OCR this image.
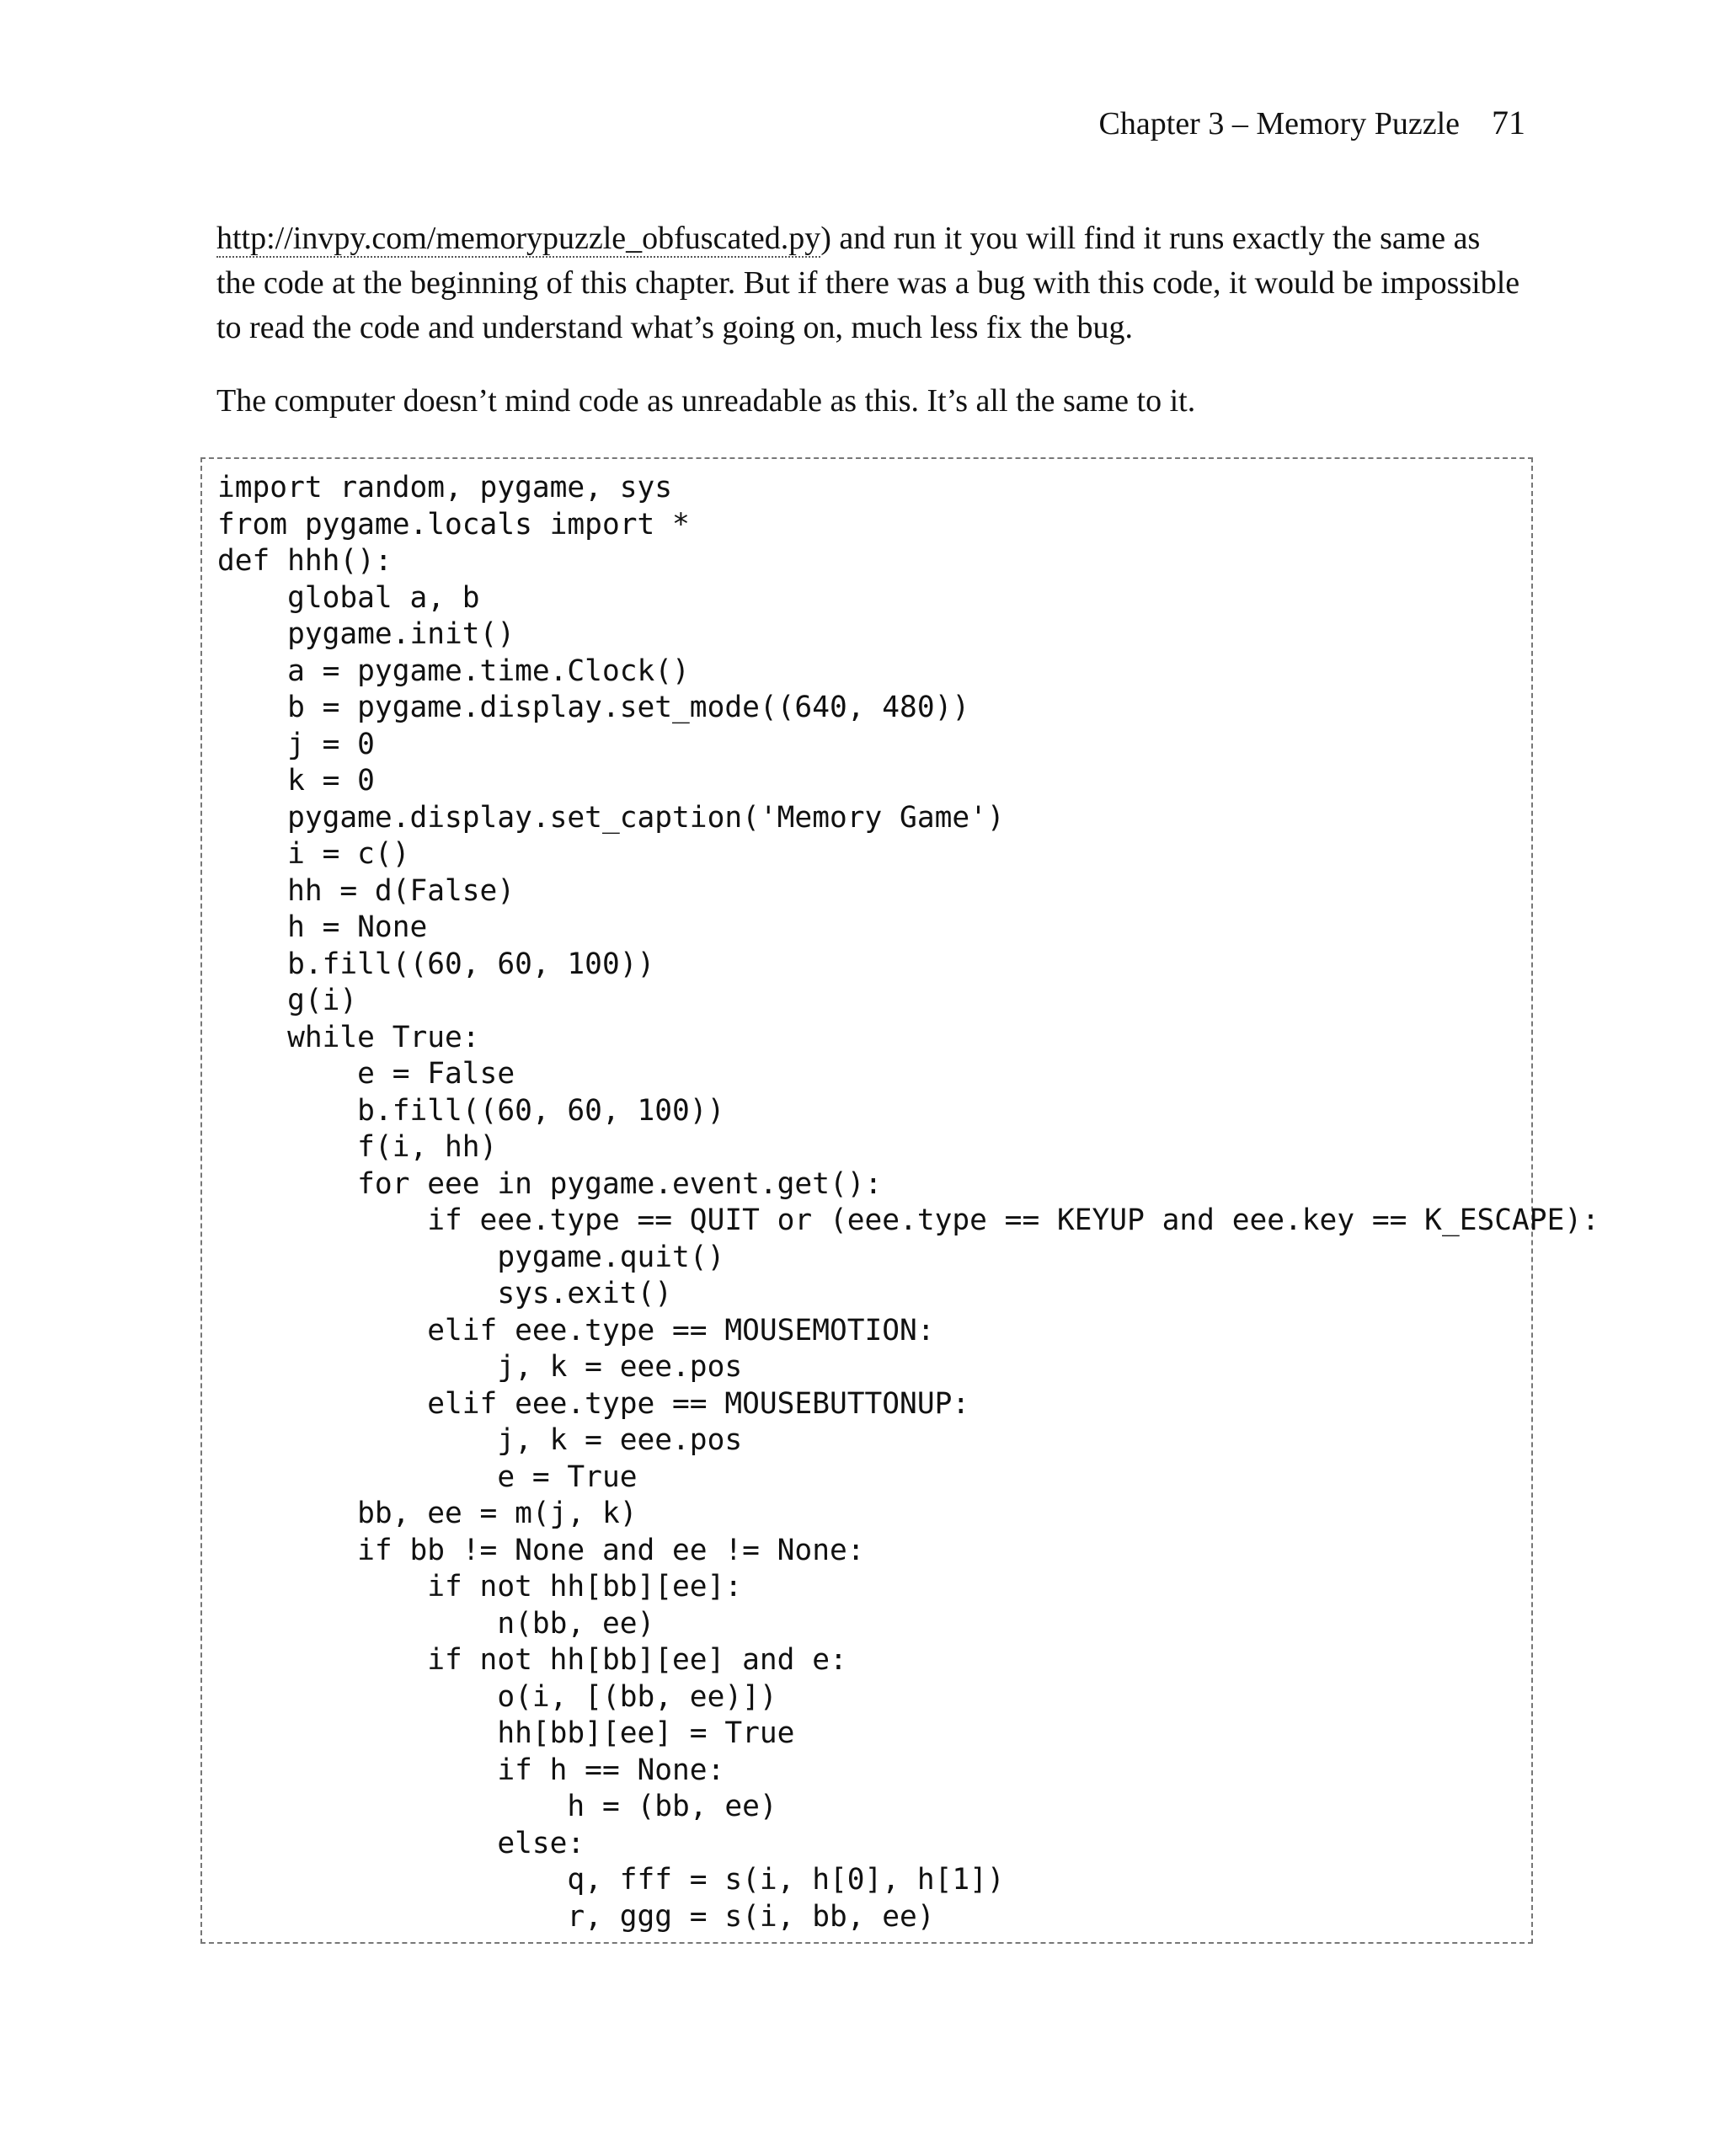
Chapter 3 – Memory Puzzle 71

http://invpy.com/memorypuzzle_obfuscated.py) and run it you will find it runs exactly the same as the code at the beginning of this chapter. But if there was a bug with this code, it would be impossible to read the code and understand what’s going on, much less fix the bug.

The computer doesn’t mind code as unreadable as this. It’s all the same to it.

import random, pygame, sys
from pygame.locals import *
def hhh():
global a, b
pygame.init()
a = pygame.time.Clock()
b = pygame.display.set_mode((640, 480))
j = 0
k = 0
pygame.display.set_caption('Memory Game')
i = c()
hh = d(False)
h = None
b.fill((60, 60, 100))
g(i)
while True:
e = False
b.fill((60, 60, 100))
f(i, hh)
for eee in pygame.event.get():
if eee.type == QUIT or (eee.type == KEYUP and eee.key == K_ESCAPE):
pygame.quit()
sys.exit()
elif eee.type == MOUSEMOTION:
j, k = eee.pos
elif eee.type == MOUSEBUTTONUP:
j, k = eee.pos
e = True
bb, ee = m(j, k)
if bb != None and ee != None:
if not hh[bb][ee]:
n(bb, ee)
if not hh[bb][ee] and e:
o(i, [(bb, ee)])
hh[bb][ee] = True
if h == None:
h = (bb, ee)
else:
q, fff = s(i, h[0], h[1])
r, ggg = s(i, bb, ee)
